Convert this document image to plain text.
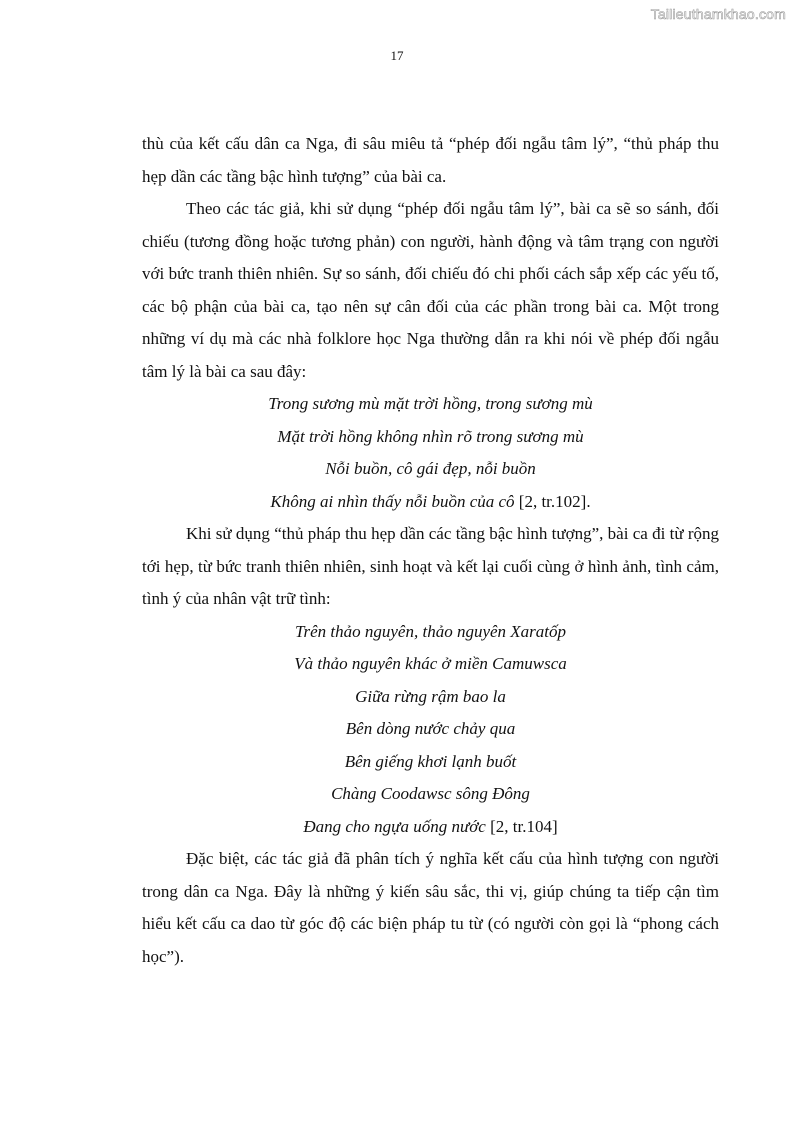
Tailieuthamkhao.com
17

thù của kết cấu dân ca Nga, đi sâu miêu tả “phép đối ngẫu tâm lý”, “thủ pháp thu hẹp dần các tầng bậc hình tượng” của bài ca.

Theo các tác giả, khi sử dụng “phép đối ngẫu tâm lý”, bài ca sẽ so sánh, đối chiếu (tương đồng hoặc tương phản) con người, hành động và tâm trạng con người với bức tranh thiên nhiên. Sự so sánh, đối chiếu đó chi phối cách sắp xếp các yếu tố, các bộ phận của bài ca, tạo nên sự cân đối của các phần trong bài ca. Một trong những ví dụ mà các nhà folklore học Nga thường dẫn ra khi nói về phép đối ngẫu tâm lý là bài ca sau đây:

Trong sương mù mặt trời hồng, trong sương mù
Mặt trời hồng không nhìn rõ trong sương mù
Nỗi buồn, cô gái đẹp, nỗi buồn
Không ai nhìn thấy nỗi buồn của cô [2, tr.102].

Khi sử dụng “thủ pháp thu hẹp dần các tầng bậc hình tượng”, bài ca đi từ rộng tới hẹp, từ bức tranh thiên nhiên, sinh hoạt và kết lại cuối cùng ở hình ảnh, tình cảm, tình ý của nhân vật trữ tình:

Trên thảo nguyên, thảo nguyên Xaratốp
Và thảo nguyên khác ở miền Camuwsca
Giữa rừng rậm bao la
Bên dòng nước chảy qua
Bên giếng khơi lạnh buốt
Chàng Coodawsc sông Đông
Đang cho ngựa uống nước [2, tr.104]

Đặc biệt, các tác giả đã phân tích ý nghĩa kết cấu của hình tượng con người trong dân ca Nga. Đây là những ý kiến sâu sắc, thi vị, giúp chúng ta tiếp cận tìm hiểu kết cấu ca dao từ góc độ các biện pháp tu từ (có người còn gọi là “phong cách học”).
